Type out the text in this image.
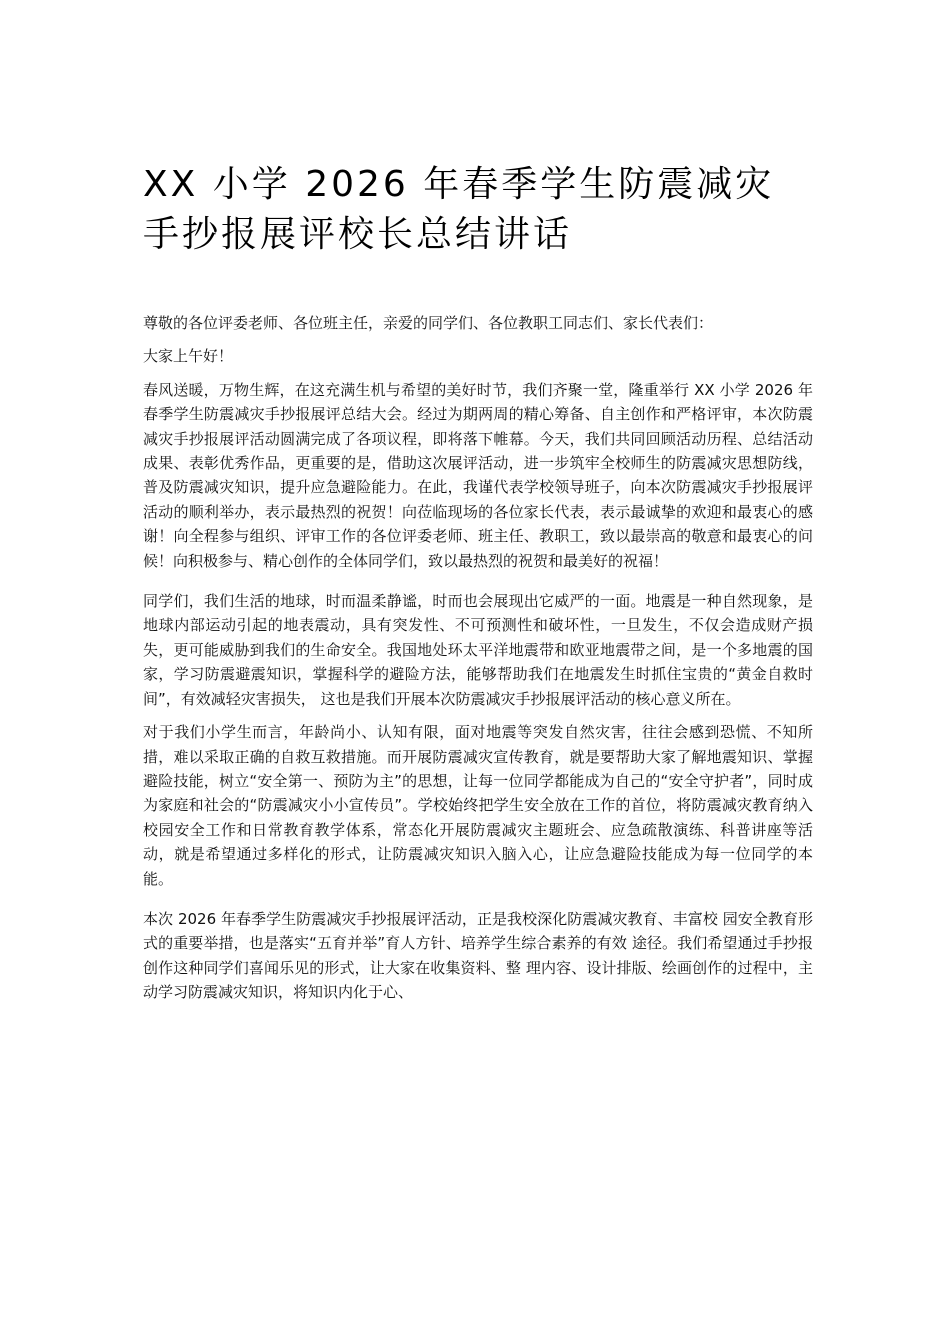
XX 小学 2026 年春季学生防震减灾 手抄报展评校长总结讲话

尊敬的各位评委老师、各位班主任，亲爱的同学们、各位教职工同志们、家长代表们：

大家上午好！

春风送暖，万物生辉，在这充满生机与希望的美好时节，我们齐聚一堂，隆重举行 XX 小学 2026 年春季学生防震减灾手抄报展评总结大会。经过为期两周的精心筹备、自主创作和严格评审，本次防震减灾手抄报展评活动圆满完成了各项议程，即将落下帷幕。今天，我们共同回顾活动历程、总结活动成果、表彰优秀作品，更重要的是，借助这次展评活动，进一步筑牢全校师生的防震减灾思想防线，普及防震减灾知识，提升应急避险能力。在此，我谨代表学校领导班子，向本次防震减灾手抄报展评活动的顺利举办，表示最热烈的祝贺！向莅临现场的各位家长代表，表示最诚挚的欢迎和最衷心的感谢！向全程参与组织、评审工作的各位评委老师、班主任、教职工，致以最崇高的敬意和最衷心的问候！向积极参与、精心创作的全体同学们，致以最热烈的祝贺和最美好的祝福！

同学们，我们生活的地球，时而温柔静谧，时而也会展现出它威严的一面。地震是一种自然现象，是地球内部运动引起的地表震动，具有突发性、不可预测性和破坏性，一旦发生，不仅会造成财产损失，更可能威胁到我们的生命安全。我国地处环太平洋地震带和欧亚地震带之间，是一个多地震的国家，学习防震避震知识，掌握科学的避险方法，能够帮助我们在地震发生时抓住宝贵的“黄金自救时间”，有效减轻灾害损失， 这也是我们开展本次防震减灾手抄报展评活动的核心意义所在。

对于我们小学生而言，年龄尚小、认知有限，面对地震等突发自然灾害，往往会感到恐慌、不知所措，难以采取正确的自救互救措施。而开展防震减灾宣传教育，就是要帮助大家了解地震知识、掌握避险技能，树立“安全第一、预防为主”的思想，让每一位同学都能成为自己的“安全守护者”，同时成为家庭和社会的“防震减灾小小宣传员”。学校始终把学生安全放在工作的首位，将防震减灾教育纳入校园安全工作和日常教育教学体系，常态化开展防震减灾主题班会、应急疏散演练、科普讲座等活动，就是希望通过多样化的形式，让防震减灾知识入脑入心，让应急避险技能成为每一位同学的本能。

本次 2026 年春季学生防震减灾手抄报展评活动，正是我校深化防震减灾教育、丰富校 园安全教育形式的重要举措，也是落实“五育并举”育人方针、培养学生综合素养的有效 途径。我们希望通过手抄报创作这种同学们喜闻乐见的形式，让大家在收集资料、整 理内容、设计排版、绘画创作的过程中，主动学习防震减灾知识，将知识内化于心、
